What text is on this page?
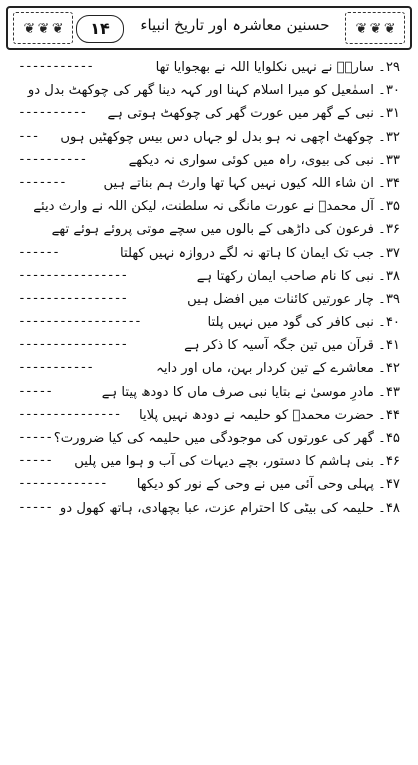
❦ ❦ ❦
حسنین معاشرہ اور تاریخ انبیاء
۱۴
❦ ❦ ❦
۲۹۔ سارہؑ نے نہیں نکلوایا اللہ نے بھجوایا تھا
-----------
۳۰۔ اسمٰعیل کو میرا اسلام کہنا اور کہہ دینا گھر کی چوکھٹ بدل دو
۳۱۔ نبی کے گھر میں عورت گھر کی چوکھٹ ہوتی ہے
----------
۳۲۔ چوکھٹ اچھی نہ ہو بدل لو جہاں دس بیس چوکھٹیں ہوں
---
۳۳۔ نبی کی بیوی، راہ میں کوئی سواری نہ دیکھے
----------
۳۴۔ ان شاء اللہ کیوں نہیں کہا تھا وارث ہم بناتے ہیں
-------
۳۵۔ آل محمدؐ نے عورت مانگی نہ سلطنت، لیکن اللہ نے وارث دیئے
۳۶۔ فرعون کی داڑھی کے بالوں میں سچے موتی پروئے ہوئے تھے
۳۷۔ جب تک ایمان کا ہاتھ نہ لگے دروازہ نہیں کھلتا
------
۳۸۔ نبی کا نام صاحب ایمان رکھتا ہے
----------------
۳۹۔ چار عورتیں کائنات میں افضل ہیں
----------------
۴۰۔ نبی کافر کی گود میں نہیں پلتا
------------------
۴۱۔ قرآن میں تین جگہ آسیہ کا ذکر ہے
----------------
۴۲۔ معاشرے کے تین کردار بہن، ماں اور دایہ
-----------
۴۳۔ مادرِ موسیٰ نے بتایا نبی صرف ماں کا دودھ پیتا ہے
-----
۴۴۔ حضرت محمدؐ کو حلیمہ نے دودھ نہیں پلایا
---------------
۴۵۔ گھر کی عورتوں کی موجودگی میں حلیمہ کی کیا ضرورت؟
-----
۴۶۔ بنی ہاشم کا دستور، بچے دیہات کی آب و ہوا میں پلیں
-----
۴۷۔ پہلی وحی آئی میں نے وحی کے نور کو دیکھا
-------------
۴۸۔ حلیمہ کی بیٹی کا احترام عزت، عبا بچھادی، ہاتھ کھول دو
-----
